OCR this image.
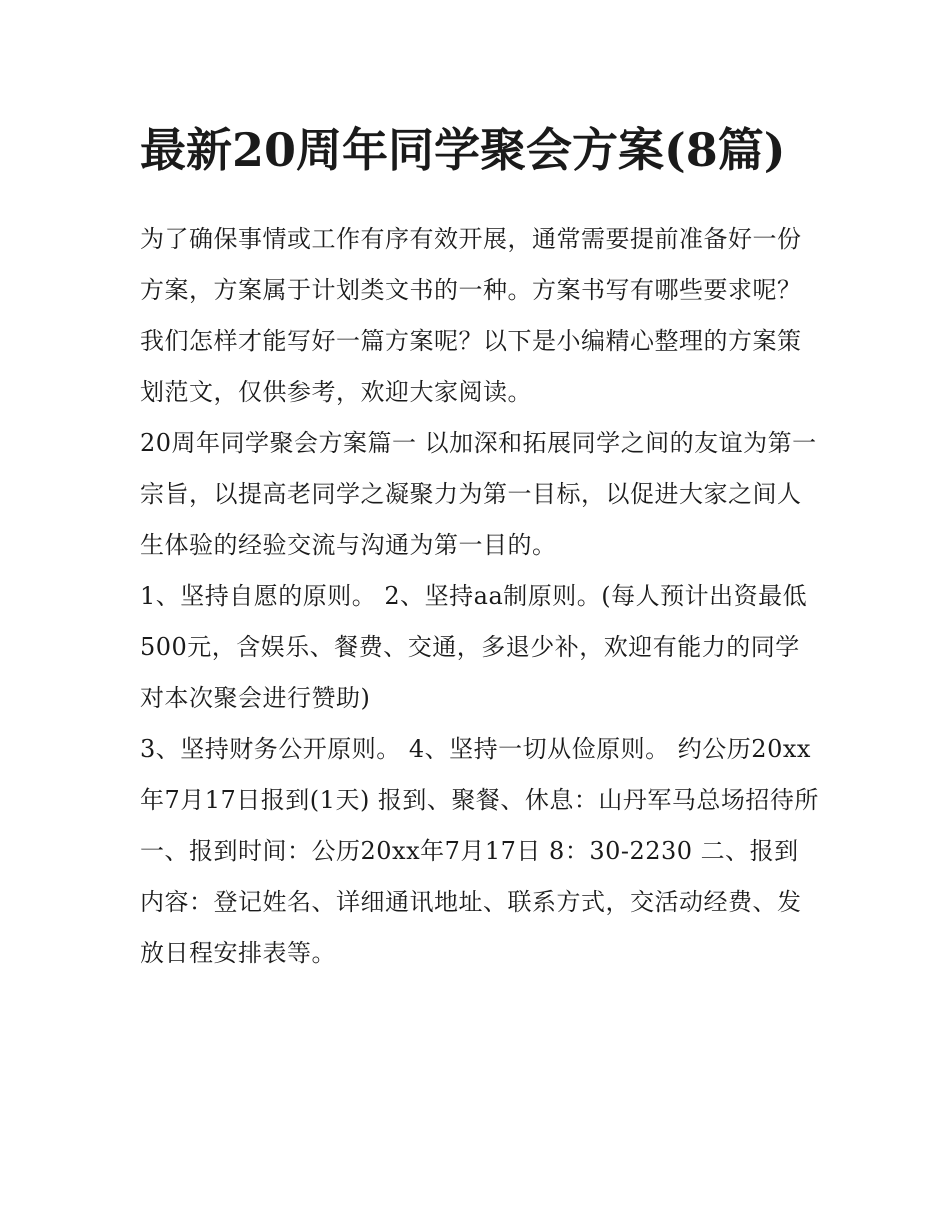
最新20周年同学聚会方案(8篇)

为了确保事情或工作有序有效开展，通常需要提前准备好一份方案，方案属于计划类文书的一种。方案书写有哪些要求呢？我们怎样才能写好一篇方案呢？以下是小编精心整理的方案策划范文，仅供参考，欢迎大家阅读。

20周年同学聚会方案篇一 以加深和拓展同学之间的友谊为第一宗旨，以提高老同学之凝聚力为第一目标，以促进大家之间人生体验的经验交流与沟通为第一目的。

1、坚持自愿的原则。 2、坚持aa制原则。(每人预计出资最低500元，含娱乐、餐费、交通，多退少补，欢迎有能力的同学对本次聚会进行赞助)

3、坚持财务公开原则。 4、坚持一切从俭原则。 约公历20xx年7月17日报到(1天) 报到、聚餐、休息：山丹军马总场招待所

一、报到时间：公历20xx年7月17日 8：30-2230 二、报到内容：登记姓名、详细通讯地址、联系方式，交活动经费、发放日程安排表等。
